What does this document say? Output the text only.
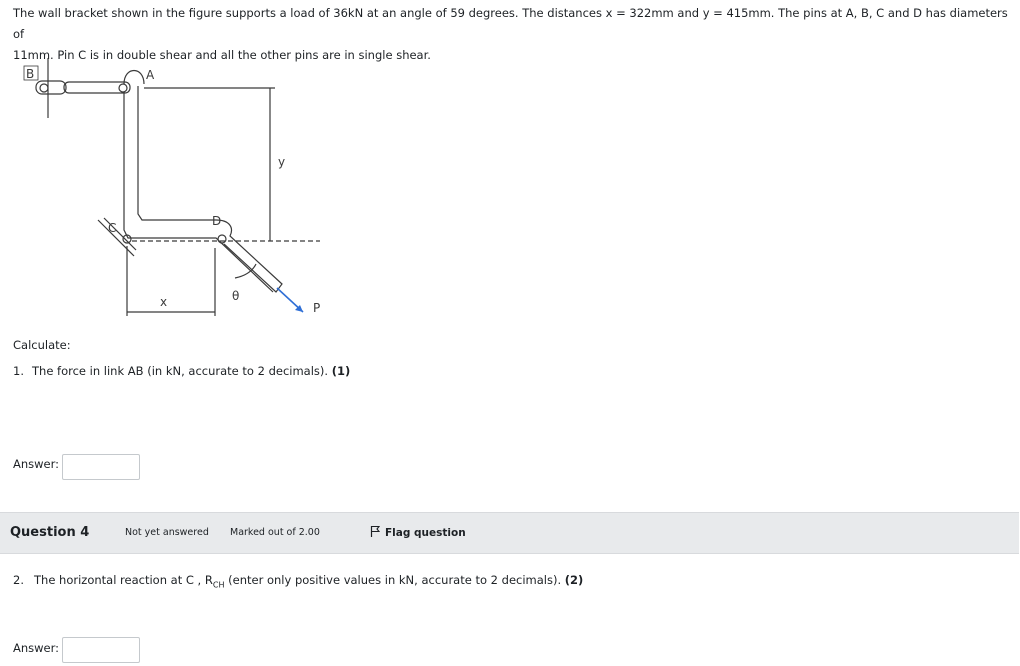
The wall bracket shown in the figure supports a load of 36kN at an angle of 59 degrees. The distances x = 322mm and y = 415mm. The pins at A, B, C and D has diameters of
11mm. Pin C is in double shear and all the other pins are in single shear.
B	A
C	D
y
x	θ
P
Calculate:
1. The force in link AB (in kN, accurate to 2 decimals). (1)
Answer:
Question 4	Not yet answered Marked out of 2.00	Flag question
2. The horizontal reaction at C , $R_{CH}$ (enter only positive values in kN, accurate to 2 decimals). (2)
Answer:
